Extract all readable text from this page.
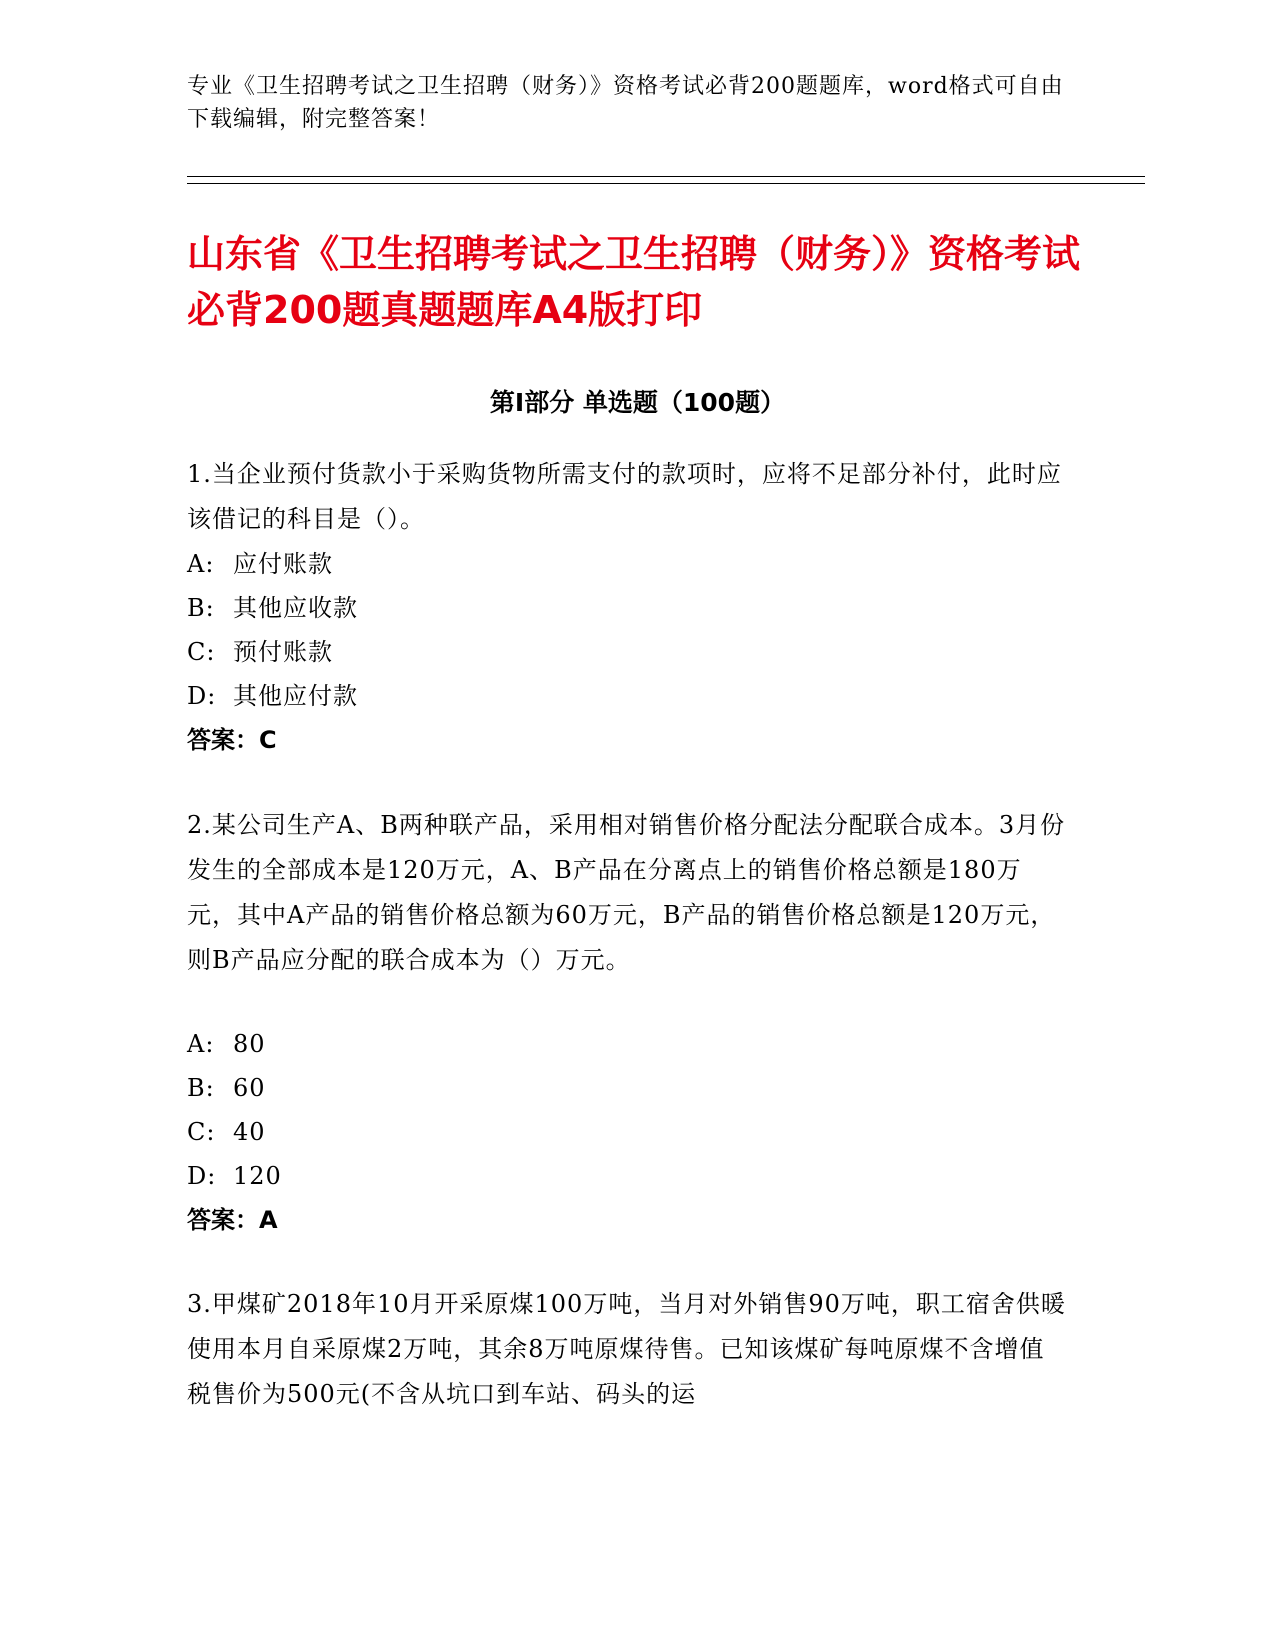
专业《卫生招聘考试之卫生招聘（财务）》资格考试必背200题题库，word格式可自由下载编辑，附完整答案！
山东省《卫生招聘考试之卫生招聘（财务）》资格考试必背200题真题题库A4版打印
第Ⅰ部分 单选题（100题）
1.当企业预付货款小于采购货物所需支付的款项时，应将不足部分补付，此时应该借记的科目是（）。
A: 应付账款
B: 其他应收款
C: 预付账款
D: 其他应付款
答案：C
2.某公司生产A、B两种联产品，采用相对销售价格分配法分配联合成本。3月份发生的全部成本是120万元，A、B产品在分离点上的销售价格总额是180万元，其中A产品的销售价格总额为60万元，B产品的销售价格总额是120万元，则B产品应分配的联合成本为（）万元。
A: 80
B: 60
C: 40
D: 120
答案：A
3.甲煤矿2018年10月开采原煤100万吨，当月对外销售90万吨，职工宿舍供暖使用本月自采原煤2万吨，其余8万吨原煤待售。已知该煤矿每吨原煤不含增值税售价为500元(不含从坑口到车站、码头的运
